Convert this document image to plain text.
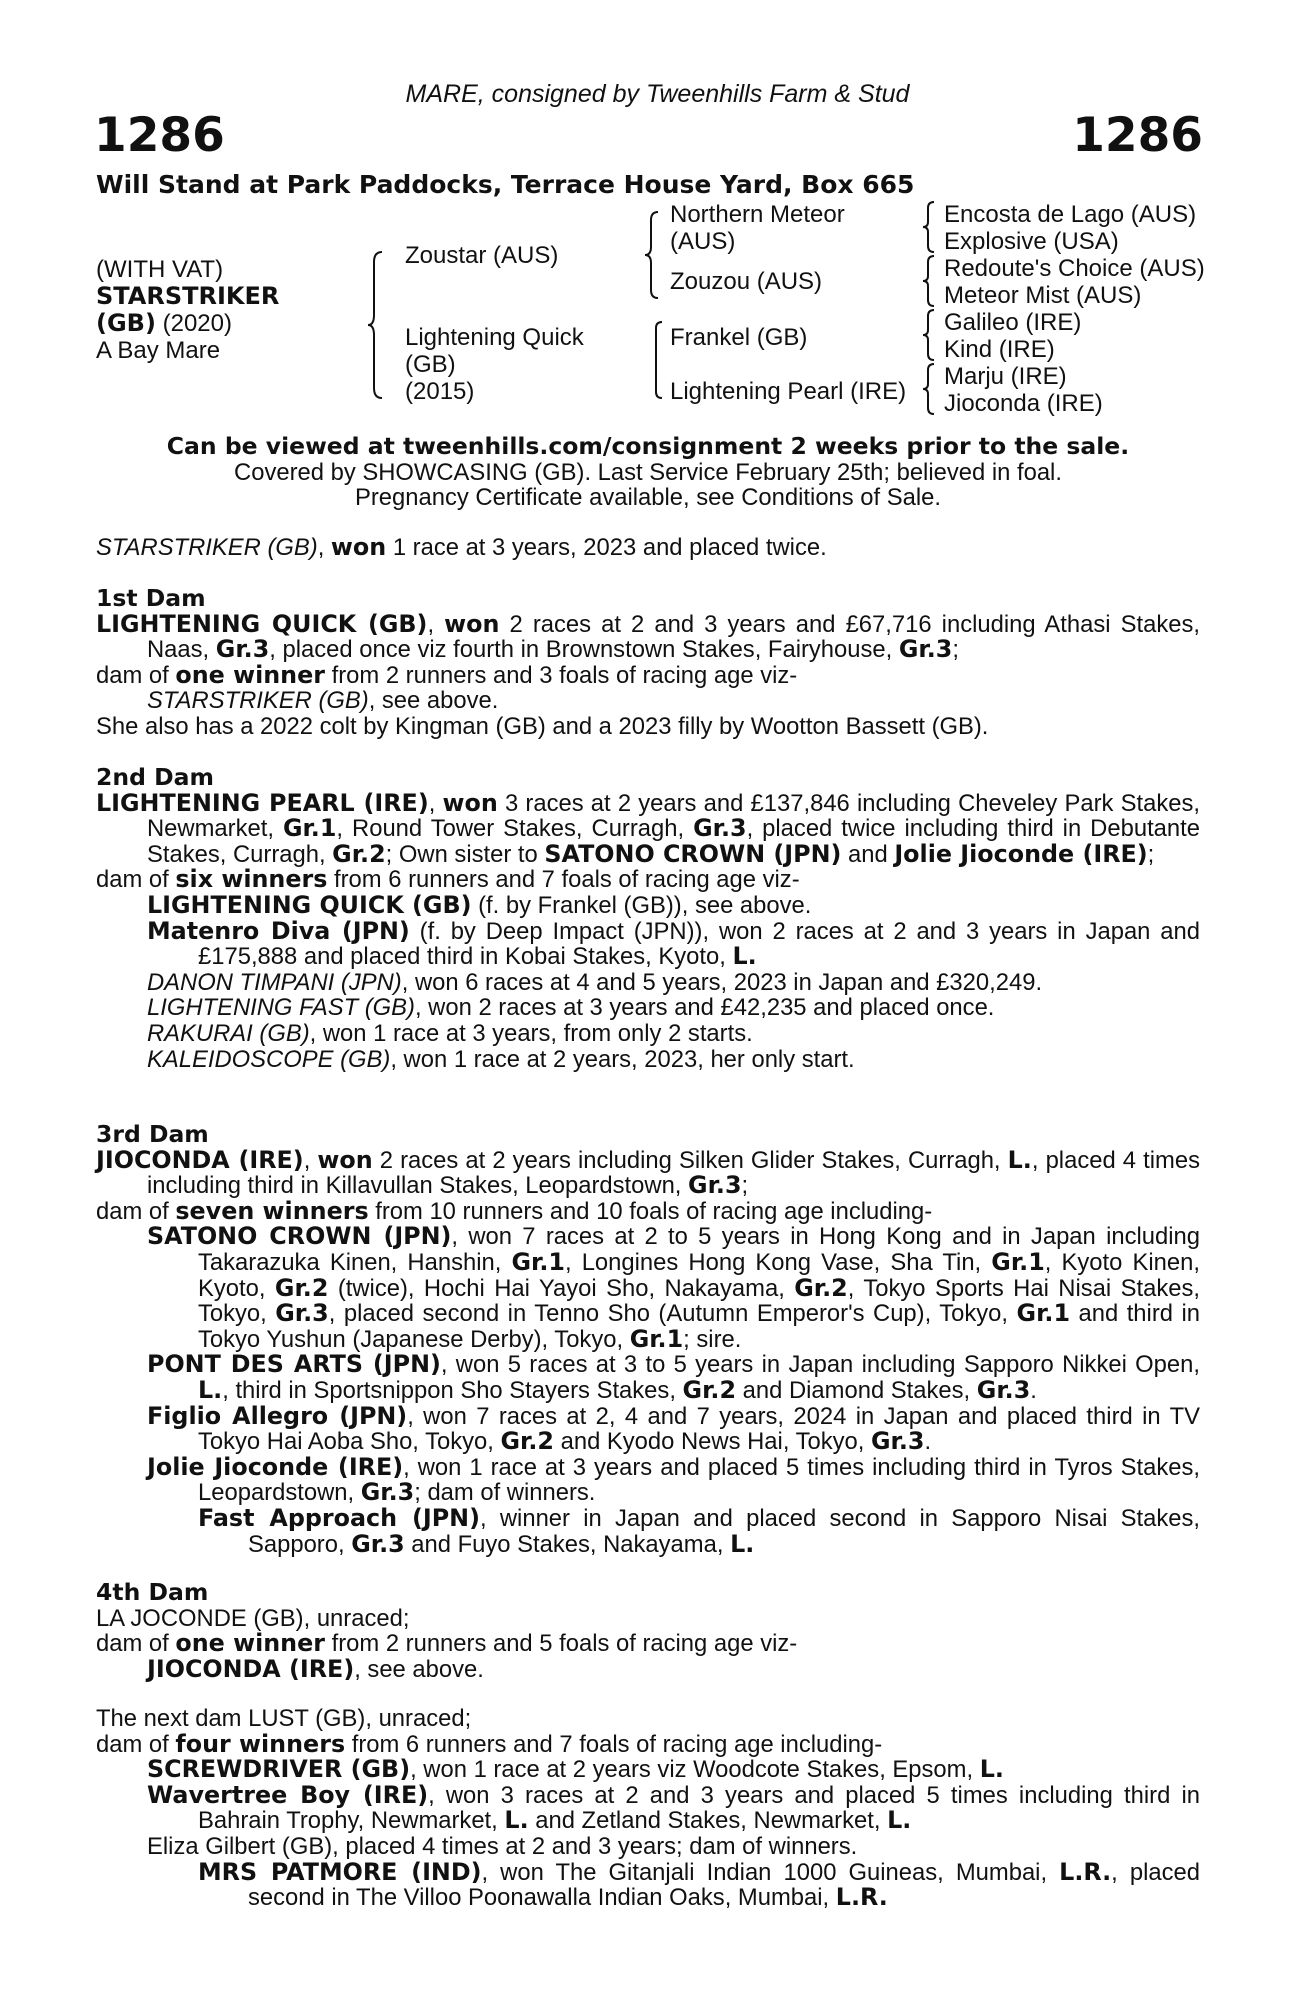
MARE, consigned by Tweenhills Farm & Stud
1286	1286
Will Stand at Park Paddocks, Terrace House Yard, Box 665
(WITH VAT)
STARSTRIKER
(GB) (2020)
A Bay Mare
Zoustar (AUS)
Lightening Quick
(GB)
(2015)
Northern Meteor
(AUS)
Zouzou (AUS)
Frankel (GB)
Lightening Pearl (IRE)
Encosta de Lago (AUS)
Explosive (USA)
Redoute's Choice (AUS)
Meteor Mist (AUS)
Galileo (IRE)
Kind (IRE)
Marju (IRE)
Jioconda (IRE)
Can be viewed at tweenhills.com/consignment 2 weeks prior to the sale.
Covered by SHOWCASING (GB). Last Service February 25th; believed in foal.
Pregnancy Certificate available, see Conditions of Sale.
STARSTRIKER (GB), won 1 race at 3 years, 2023 and placed twice.
1st Dam
LIGHTENING QUICK (GB), won 2 races at 2 and 3 years and £67,716 including Athasi Stakes, Naas, Gr.3, placed once viz fourth in Brownstown Stakes, Fairyhouse, Gr.3;
dam of one winner from 2 runners and 3 foals of racing age viz-
STARSTRIKER (GB), see above.
She also has a 2022 colt by Kingman (GB) and a 2023 filly by Wootton Bassett (GB).
2nd Dam
LIGHTENING PEARL (IRE), won 3 races at 2 years and £137,846 including Cheveley Park Stakes, Newmarket, Gr.1, Round Tower Stakes, Curragh, Gr.3, placed twice including third in Debutante Stakes, Curragh, Gr.2; Own sister to SATONO CROWN (JPN) and Jolie Jioconde (IRE);
dam of six winners from 6 runners and 7 foals of racing age viz-
LIGHTENING QUICK (GB) (f. by Frankel (GB)), see above.
Matenro Diva (JPN) (f. by Deep Impact (JPN)), won 2 races at 2 and 3 years in Japan and £175,888 and placed third in Kobai Stakes, Kyoto, L.
DANON TIMPANI (JPN), won 6 races at 4 and 5 years, 2023 in Japan and £320,249.
LIGHTENING FAST (GB), won 2 races at 3 years and £42,235 and placed once.
RAKURAI (GB), won 1 race at 3 years, from only 2 starts.
KALEIDOSCOPE (GB), won 1 race at 2 years, 2023, her only start.
3rd Dam
JIOCONDA (IRE), won 2 races at 2 years including Silken Glider Stakes, Curragh, L., placed 4 times including third in Killavullan Stakes, Leopardstown, Gr.3;
dam of seven winners from 10 runners and 10 foals of racing age including-
SATONO CROWN (JPN), won 7 races at 2 to 5 years in Hong Kong and in Japan including Takarazuka Kinen, Hanshin, Gr.1, Longines Hong Kong Vase, Sha Tin, Gr.1, Kyoto Kinen, Kyoto, Gr.2 (twice), Hochi Hai Yayoi Sho, Nakayama, Gr.2, Tokyo Sports Hai Nisai Stakes, Tokyo, Gr.3, placed second in Tenno Sho (Autumn Emperor's Cup), Tokyo, Gr.1 and third in Tokyo Yushun (Japanese Derby), Tokyo, Gr.1; sire.
PONT DES ARTS (JPN), won 5 races at 3 to 5 years in Japan including Sapporo Nikkei Open, L., third in Sportsnippon Sho Stayers Stakes, Gr.2 and Diamond Stakes, Gr.3.
Figlio Allegro (JPN), won 7 races at 2, 4 and 7 years, 2024 in Japan and placed third in TV Tokyo Hai Aoba Sho, Tokyo, Gr.2 and Kyodo News Hai, Tokyo, Gr.3.
Jolie Jioconde (IRE), won 1 race at 3 years and placed 5 times including third in Tyros Stakes, Leopardstown, Gr.3; dam of winners.
Fast Approach (JPN), winner in Japan and placed second in Sapporo Nisai Stakes, Sapporo, Gr.3 and Fuyo Stakes, Nakayama, L.
4th Dam
LA JOCONDE (GB), unraced;
dam of one winner from 2 runners and 5 foals of racing age viz-
JIOCONDA (IRE), see above.
The next dam LUST (GB), unraced;
dam of four winners from 6 runners and 7 foals of racing age including-
SCREWDRIVER (GB), won 1 race at 2 years viz Woodcote Stakes, Epsom, L.
Wavertree Boy (IRE), won 3 races at 2 and 3 years and placed 5 times including third in Bahrain Trophy, Newmarket, L. and Zetland Stakes, Newmarket, L.
Eliza Gilbert (GB), placed 4 times at 2 and 3 years; dam of winners.
MRS PATMORE (IND), won The Gitanjali Indian 1000 Guineas, Mumbai, L.R., placed second in The Villoo Poonawalla Indian Oaks, Mumbai, L.R.
